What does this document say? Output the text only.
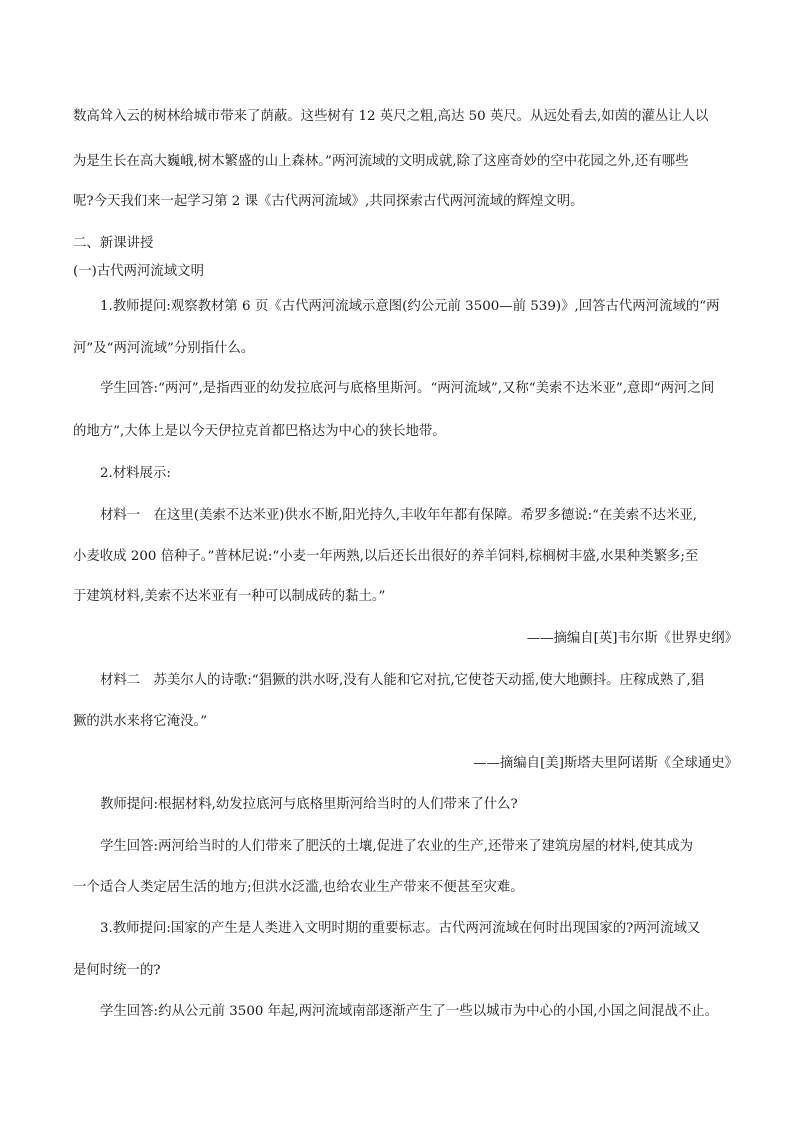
数高耸入云的树林给城市带来了荫蔽。这些树有 12 英尺之粗,高达 50 英尺。从远处看去,如茵的灌丛让人以
为是生长在高大巍峨,树木繁盛的山上森林。”两河流域的文明成就,除了这座奇妙的空中花园之外,还有哪些
呢?今天我们来一起学习第 2 课《古代两河流域》,共同探索古代两河流域的辉煌文明。
二、新课讲授
(一)古代两河流域文明
1.教师提问:观察教材第 6 页《古代两河流域示意图(约公元前 3500—前 539)》,回答古代两河流域的“两
河”及“两河流域”分别指什么。
学生回答:“两河”,是指西亚的幼发拉底河与底格里斯河。“两河流域”,又称“美索不达米亚”,意即“两河之间
的地方”,大体上是以今天伊拉克首都巴格达为中心的狭长地带。
2.材料展示:
材料一　在这里(美索不达米亚)供水不断,阳光持久,丰收年年都有保障。希罗多德说:“在美索不达米亚,
小麦收成 200 倍种子。”普林尼说:“小麦一年两熟,以后还长出很好的养羊饲料,棕榈树丰盛,水果种类繁多;至
于建筑材料,美索不达米亚有一种可以制成砖的黏土。”
——摘编自[英]韦尔斯《世界史纲》
材料二　苏美尔人的诗歌:“猖獗的洪水呀,没有人能和它对抗,它使苍天动摇,使大地颤抖。庄稼成熟了,猖
獗的洪水来将它淹没。”
——摘编自[美]斯塔夫里阿诺斯《全球通史》
教师提问:根据材料,幼发拉底河与底格里斯河给当时的人们带来了什么?
学生回答:两河给当时的人们带来了肥沃的土壤,促进了农业的生产,还带来了建筑房屋的材料,使其成为
一个适合人类定居生活的地方;但洪水泛滥,也给农业生产带来不便甚至灾难。
3.教师提问:国家的产生是人类进入文明时期的重要标志。古代两河流域在何时出现国家的?两河流域又
是何时统一的?
学生回答:约从公元前 3500 年起,两河流域南部逐渐产生了一些以城市为中心的小国,小国之间混战不止。
